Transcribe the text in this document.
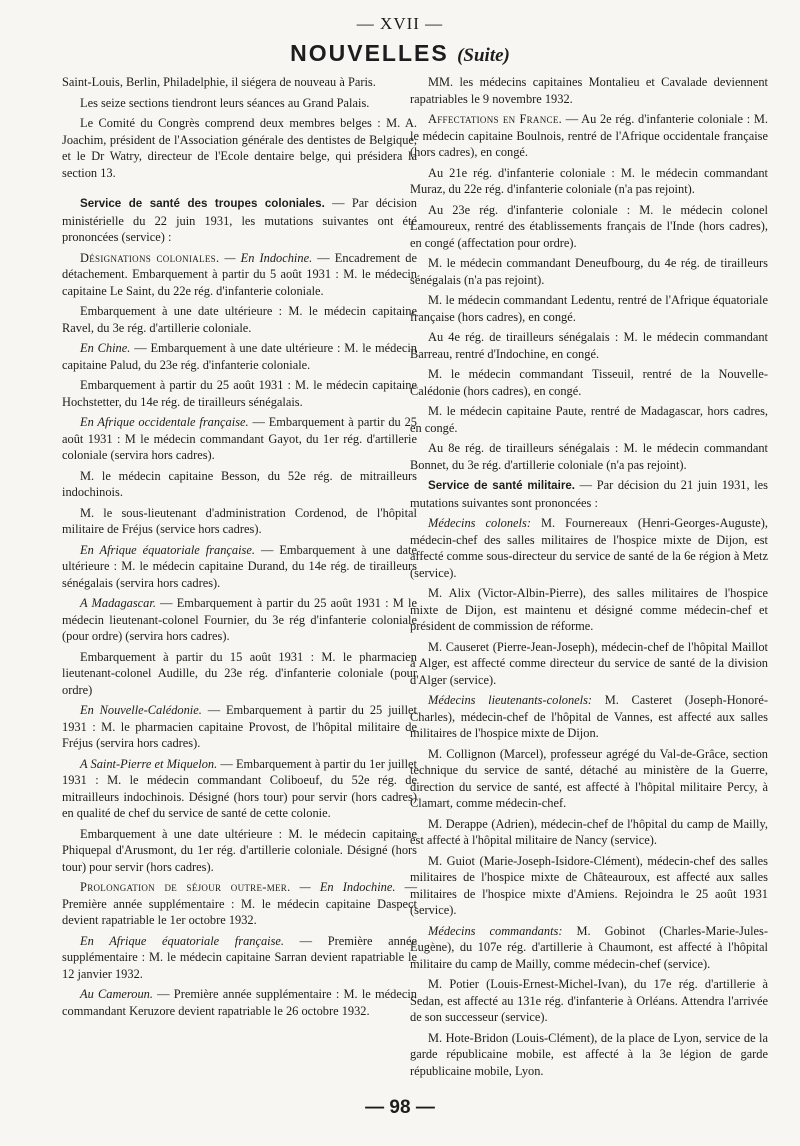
— XVII —
NOUVELLES (Suite)

Saint-Louis, Berlin, Philadelphie, il siégera de nouveau à Paris.

Les seize sections tiendront leurs séances au Grand Palais.

Le Comité du Congrès comprend deux membres belges : M. A. Joachim, président de l'Association générale des dentistes de Belgique, et le Dr Watry, directeur de l'Ecole dentaire belge, qui présidera la section 13.

Service de santé des troupes coloniales. — Par décision ministérielle du 22 juin 1931, les mutations suivantes ont été prononcées (service) :

Désignations coloniales. — En Indochine. — Encadrement de détachement. Embarquement à partir du 5 août 1931 : M. le médecin capitaine Le Saint, du 22e rég. d'infanterie coloniale.

Embarquement à une date ultérieure : M. le médecin capitaine Ravel, du 3e rég. d'artillerie coloniale.

En Chine. — Embarquement à une date ultérieure : M. le médecin capitaine Palud, du 23e rég. d'infanterie coloniale.

Embarquement à partir du 25 août 1931 : M. le médecin capitaine Hochstetter, du 14e rég. de tirailleurs sénégalais.

En Afrique occidentale française. — Embarquement à partir du 25 août 1931 : M le médecin commandant Gayot, du 1er rég. d'artillerie coloniale (servira hors cadres).

M. le médecin capitaine Besson, du 52e rég. de mitrailleurs indochinois.

M. le sous-lieutenant d'administration Cordenod, de l'hôpital militaire de Fréjus (service hors cadres).

En Afrique équatoriale française. — Embarquement à une date ultérieure : M. le médecin capitaine Durand, du 14e rég. de tirailleurs sénégalais (servira hors cadres).

A Madagascar. — Embarquement à partir du 25 août 1931 : M le médecin lieutenant-colonel Fournier, du 3e rég d'infanterie coloniale (pour ordre) (servira hors cadres).

Embarquement à partir du 15 août 1931 : M. le pharmacien lieutenant-colonel Audille, du 23e rég. d'infanterie coloniale (pour ordre)

En Nouvelle-Calédonie. — Embarquement à partir du 25 juillet 1931 : M. le pharmacien capitaine Provost, de l'hôpital militaire de Fréjus (servira hors cadres).

A Saint-Pierre et Miquelon. — Embarquement à partir du 1er juillet 1931 : M. le médecin commandant Coliboeuf, du 52e rég. de mitrailleurs indochinois. Désigné (hors tour) pour servir (hors cadres) en qualité de chef du service de santé de cette colonie.

Embarquement à une date ultérieure : M. le médecin capitaine Phiquepal d'Arusmont, du 1er rég. d'artillerie coloniale. Désigné (hors tour) pour servir (hors cadres).

Prolongation de séjour outre-mer. — En Indochine. — Première année supplémentaire : M. le médecin capitaine Daspect devient rapatriable le 1er octobre 1932.

En Afrique équatoriale française. — Première année supplémentaire : M. le médecin capitaine Sarran devient rapatriable le 12 janvier 1932.

Au Cameroun. — Première année supplémentaire : M. le médecin commandant Keruzore devient rapatriable le 26 octobre 1932.

MM. les médecins capitaines Montalieu et Cavalade deviennent rapatriables le 9 novembre 1932.

Affectations en France. — Au 2e rég. d'infanterie coloniale : M. le médecin capitaine Boulnois, rentré de l'Afrique occidentale française (hors cadres), en congé.

Au 21e rég. d'infanterie coloniale : M. le médecin commandant Muraz, du 22e rég. d'infanterie coloniale (n'a pas rejoint).

Au 23e rég. d'infanterie coloniale : M. le médecin colonel Lamoureux, rentré des établissements français de l'Inde (hors cadres), en congé (affectation pour ordre).

M. le médecin commandant Deneufbourg, du 4e rég. de tirailleurs sénégalais (n'a pas rejoint).

M. le médecin commandant Ledentu, rentré de l'Afrique équatoriale française (hors cadres), en congé.

Au 4e rég. de tirailleurs sénégalais : M. le médecin commandant Barreau, rentré d'Indochine, en congé.

M. le médecin commandant Tisseuil, rentré de la Nouvelle-Calédonie (hors cadres), en congé.

M. le médecin capitaine Paute, rentré de Madagascar, hors cadres, en congé.

Au 8e rég. de tirailleurs sénégalais : M. le médecin commandant Bonnet, du 3e rég. d'artillerie coloniale (n'a pas rejoint).

Service de santé militaire. — Par décision du 21 juin 1931, les mutations suivantes sont prononcées :

Médecins colonels: M. Fournereaux (Henri-Georges-Auguste), médecin-chef des salles militaires de l'hospice mixte de Dijon, est affecté comme sous-directeur du service de santé de la 6e région à Metz (service).

M. Alix (Victor-Albin-Pierre), des salles militaires de l'hospice mixte de Dijon, est maintenu et désigné comme médecin-chef et président de commission de réforme.

M. Causeret (Pierre-Jean-Joseph), médecin-chef de l'hôpital Maillot à Alger, est affecté comme directeur du service de santé de la division d'Alger (service).

Médecins lieutenants-colonels: M. Casteret (Joseph-Honoré-Charles), médecin-chef de l'hôpital de Vannes, est affecté aux salles militaires de l'hospice mixte de Dijon.

M. Collignon (Marcel), professeur agrégé du Val-de-Grâce, section technique du service de santé, détaché au ministère de la Guerre, direction du service de santé, est affecté à l'hôpital militaire Percy, à Clamart, comme médecin-chef.

M. Derappe (Adrien), médecin-chef de l'hôpital du camp de Mailly, est affecté à l'hôpital militaire de Nancy (service).

M. Guiot (Marie-Joseph-Isidore-Clément), médecin-chef des salles militaires de l'hospice mixte de Châteauroux, est affecté aux salles militaires de l'hospice mixte d'Amiens. Rejoindra le 25 août 1931 (service).

Médecins commandants: M. Gobinot (Charles-Marie-Jules-Eugène), du 107e rég. d'artillerie à Chaumont, est affecté à l'hôpital militaire du camp de Mailly, comme médecin-chef (service).

M. Potier (Louis-Ernest-Michel-Ivan), du 17e rég. d'artillerie à Sedan, est affecté au 131e rég. d'infanterie à Orléans. Attendra l'arrivée de son successeur (service).

M. Hote-Bridon (Louis-Clément), de la place de Lyon, service de la garde républicaine mobile, est affecté à la 3e légion de garde républicaine mobile, Lyon.

— 98 —
